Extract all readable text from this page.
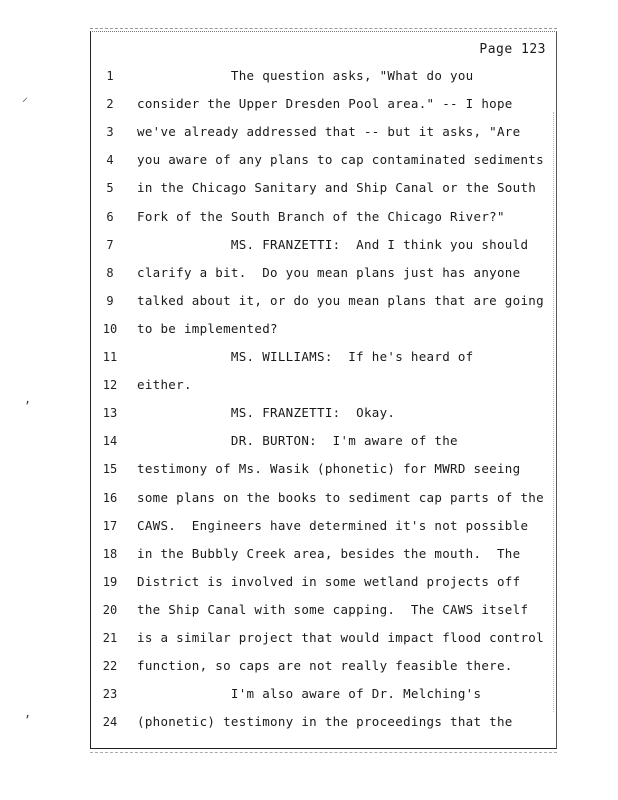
Page 123
1	The question asks, "What do you
2	consider the Upper Dresden Pool area." -- I hope
3	we've already addressed that -- but it asks, "Are
4	you aware of any plans to cap contaminated sediments
5	in the Chicago Sanitary and Ship Canal or the South
6	Fork of the South Branch of the Chicago River?"
7	MS. FRANZETTI:  And I think you should
8	clarify a bit.  Do you mean plans just has anyone
9	talked about it, or do you mean plans that are going
10 to be implemented?
11 MS. WILLIAMS:  If he's heard of
12 either.
13 MS. FRANZETTI:  Okay.
14 DR. BURTON:  I'm aware of the
15 testimony of Ms. Wasik (phonetic) for MWRD seeing
16 some plans on the books to sediment cap parts of the
17 CAWS.  Engineers have determined it's not possible
18 in the Bubbly Creek area, besides the mouth.  The
19 District is involved in some wetland projects off
20 the Ship Canal with some capping.  The CAWS itself
21 is a similar project that would impact flood control
22 function, so caps are not really feasible there.
23 I'm also aware of Dr. Melching's
24 (phonetic) testimony in the proceedings that the
⸝
,
,
